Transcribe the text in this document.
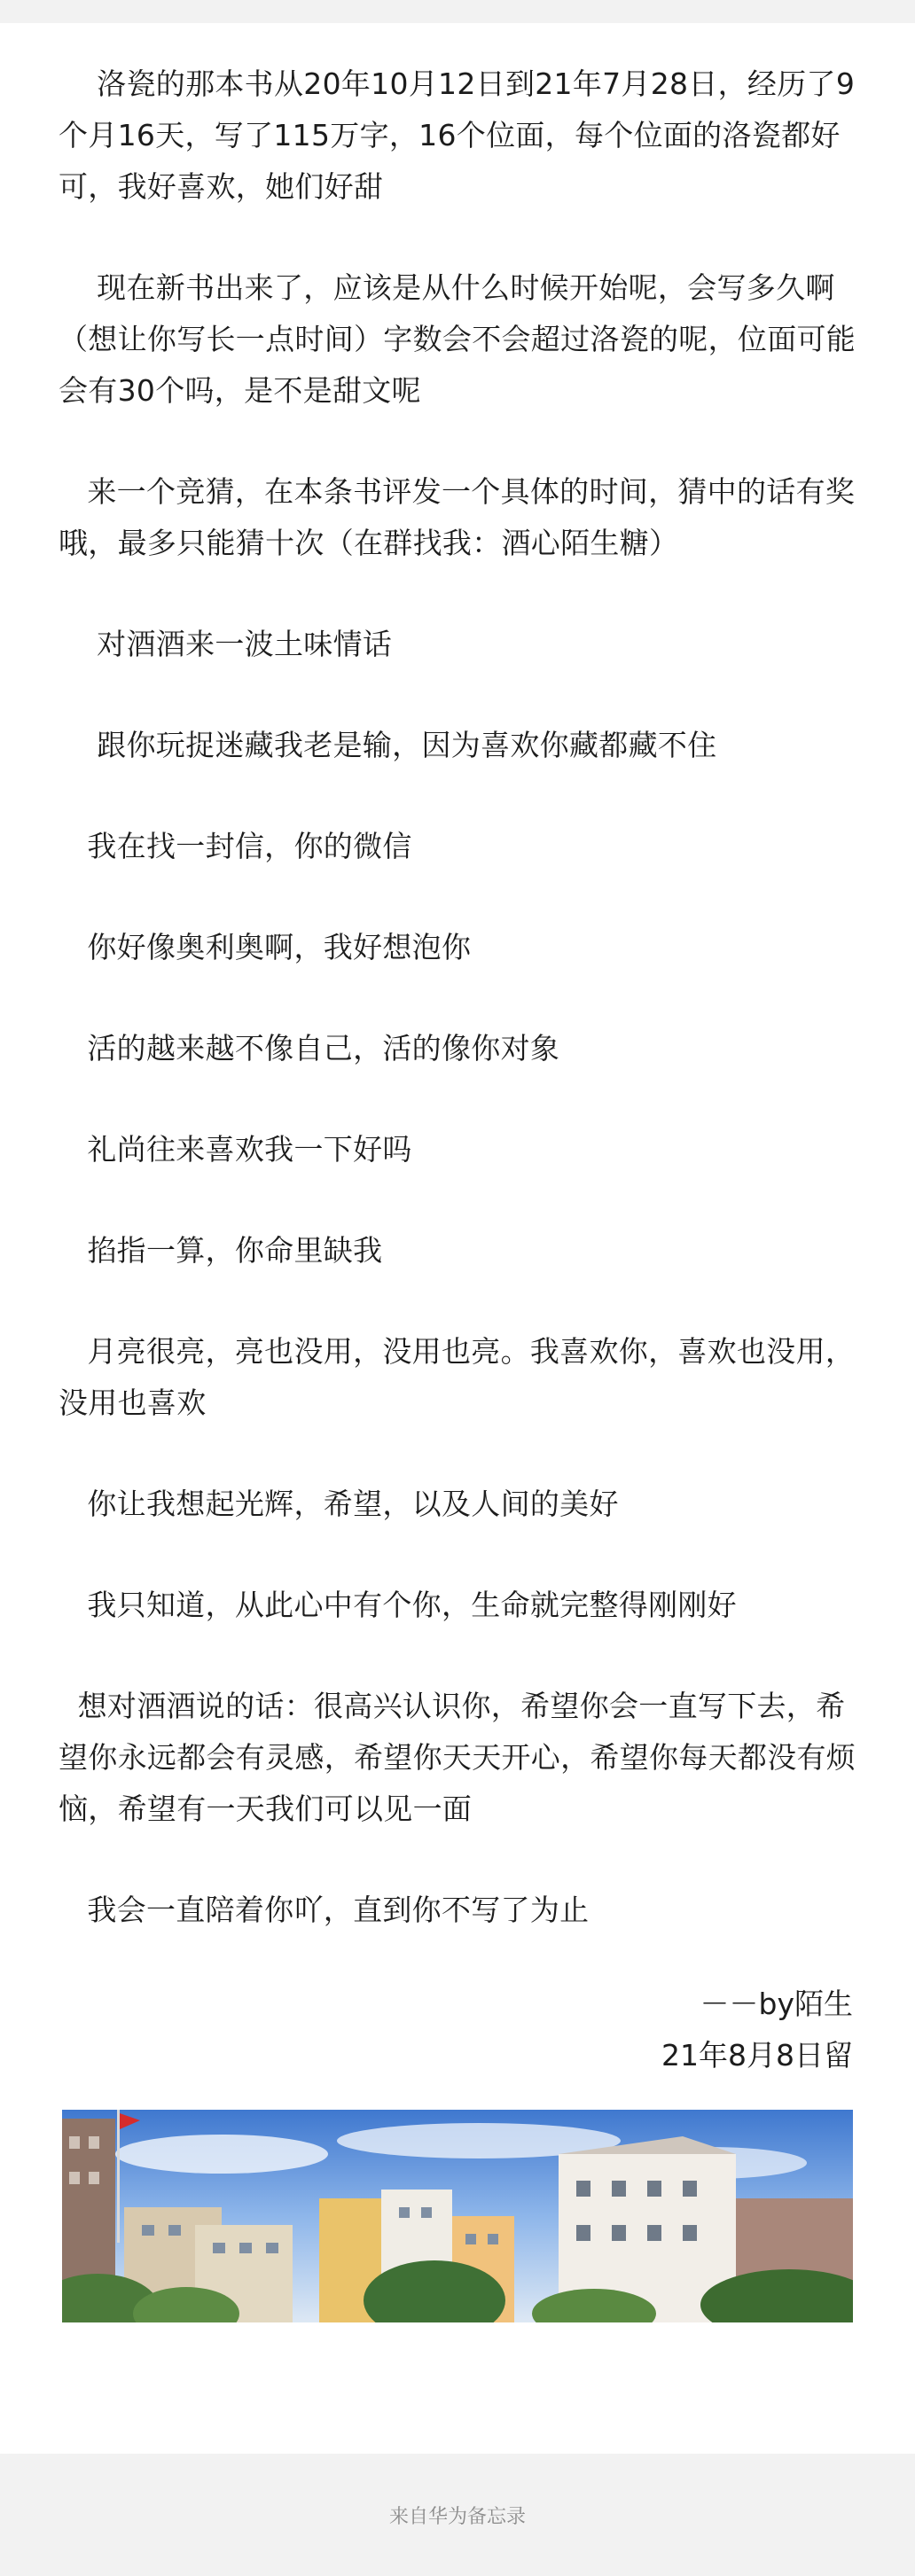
洛瓷的那本书从20年10月12日到21年7月28日，经历了9个月16天，写了115万字，16个位面，每个位面的洛瓷都好可，我好喜欢，她们好甜

现在新书出来了，应该是从什么时候开始呢，会写多久啊（想让你写长一点时间）字数会不会超过洛瓷的呢，位面可能会有30个吗，是不是甜文呢

来一个竞猜，在本条书评发一个具体的时间，猜中的话有奖哦，最多只能猜十次（在群找我：酒心陌生糖）

对酒酒来一波土味情话

跟你玩捉迷藏我老是输，因为喜欢你藏都藏不住

我在找一封信，你的微信

你好像奥利奥啊，我好想泡你

活的越来越不像自己，活的像你对象

礼尚往来喜欢我一下好吗

掐指一算，你命里缺我

月亮很亮，亮也没用，没用也亮。我喜欢你，喜欢也没用，没用也喜欢

你让我想起光辉，希望，以及人间的美好

我只知道，从此心中有个你，生命就完整得刚刚好

想对酒酒说的话：很高兴认识你，希望你会一直写下去，希望你永远都会有灵感，希望你天天开心，希望你每天都没有烦恼，希望有一天我们可以见一面

我会一直陪着你吖，直到你不写了为止

－－by陌生
21年8月8日留
来自华为备忘录
